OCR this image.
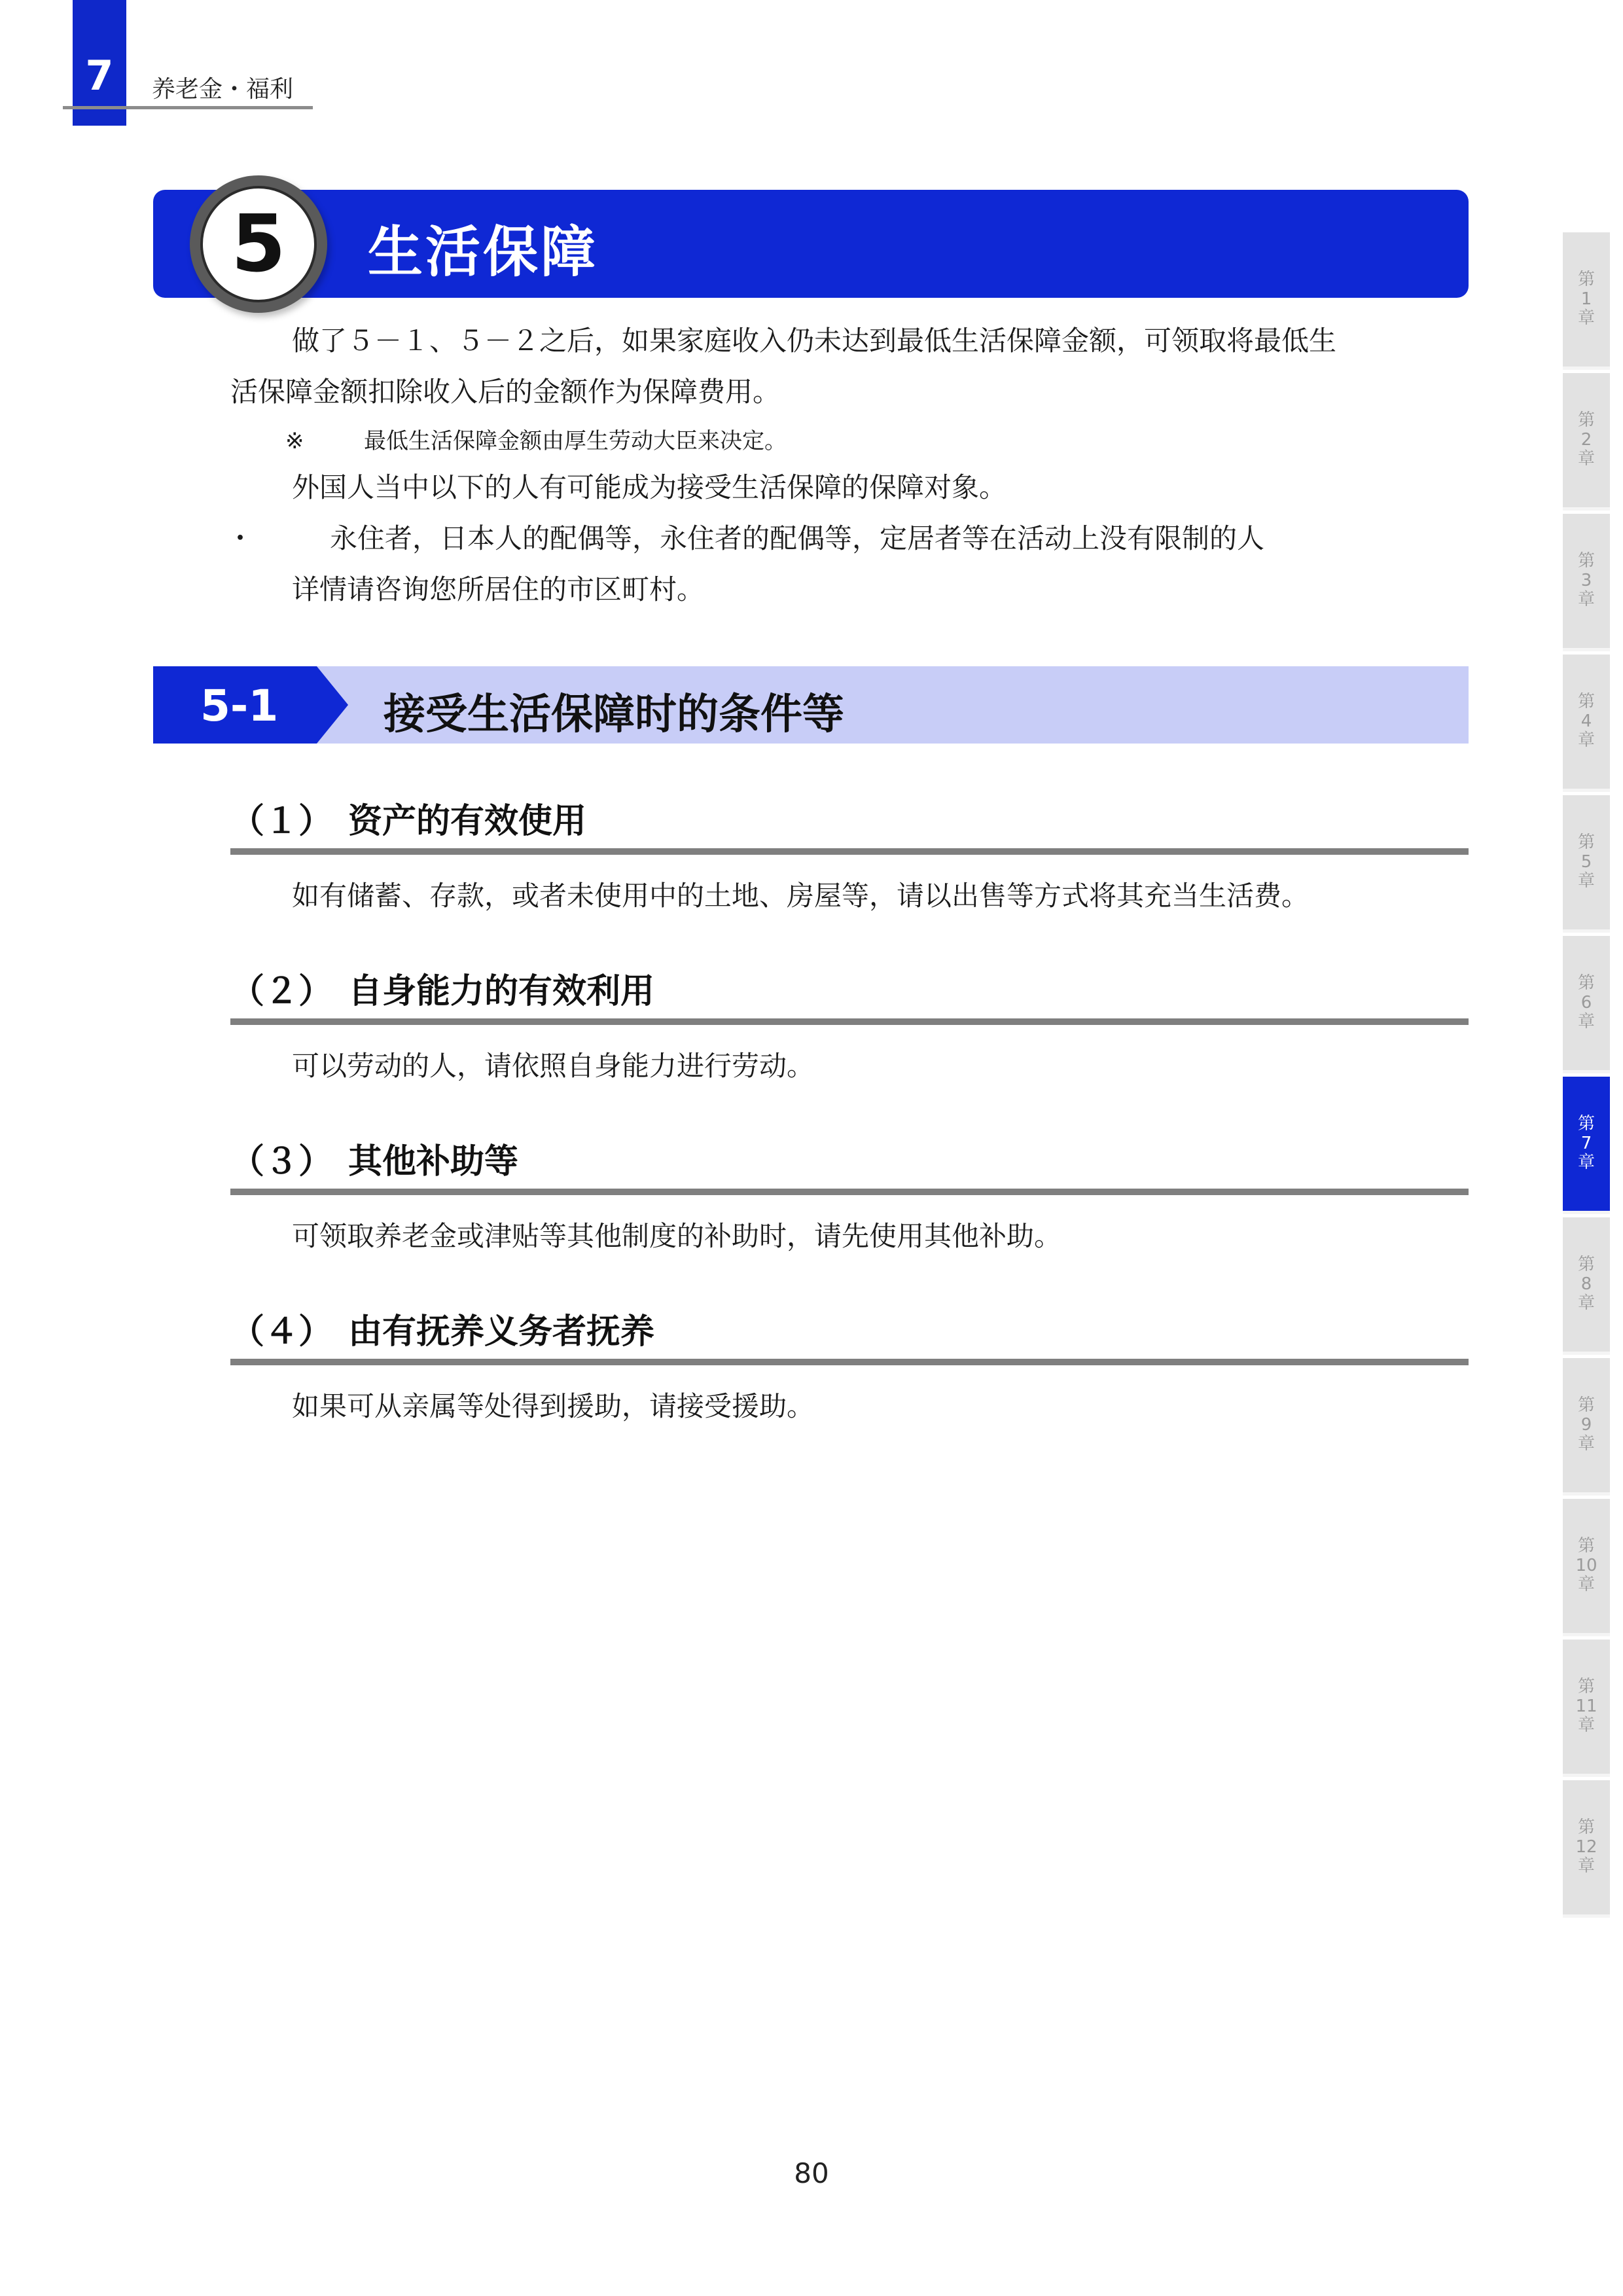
7	养老金・福利
5	生活保障
做了５－１、５－２之后，如果家庭收入仍未达到最低生活保障金额，可领取将最低生
活保障金额扣除收入后的金额作为保障费用。
※	最低生活保障金额由厚生劳动大臣来决定。
外国人当中以下的人有可能成为接受生活保障的保障对象。
・	永住者，日本人的配偶等，永住者的配偶等，定居者等在活动上没有限制的人
详情请咨询您所居住的市区町村。
5-1	接受生活保障时的条件等
（１） 资产的有效使用
如有储蓄、存款，或者未使用中的土地、房屋等，请以出售等方式将其充当生活费。
（２） 自身能力的有效利用
可以劳动的人，请依照自身能力进行劳动。
（３） 其他补助等
可领取养老金或津贴等其他制度的补助时，请先使用其他补助。
（４） 由有抚养义务者抚养
如果可从亲属等处得到援助，请接受援助。
第
1
章
第
2
章
第
3
章
第
4
章
第
5
章
第
6
章
第
7
章
第
8
章
第
9
章
第
10
章
第
11
章
第
12
章
80
